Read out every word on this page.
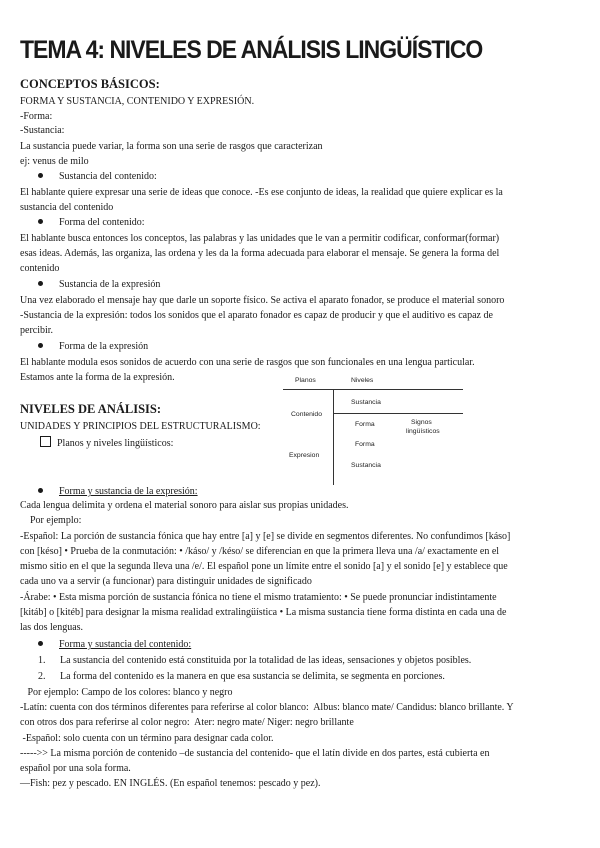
TEMA 4: NIVELES DE ANÁLISIS LINGÜÍSTICO
CONCEPTOS BÁSICOS:

FORMA Y SUSTANCIA, CONTENIDO Y EXPRESIÓN.

-Forma:

-Sustancia:

La sustancia puede variar, la forma son una serie de rasgos que caracterizan

ej: venus de milo

Sustancia del contenido:

El hablante quiere expresar una serie de ideas que conoce. -Es ese conjunto de ideas, la realidad que quiere explicar es la

sustancia del contenido

Forma del contenido:

El hablante busca entonces los conceptos, las palabras y las unidades que le van a permitir codificar, conformar(formar)

esas ideas. Además, las organiza, las ordena y les da la forma adecuada para elaborar el mensaje. Se genera la forma del

contenido

Sustancia de la expresión

Una vez elaborado el mensaje hay que darle un soporte físico. Se activa el aparato fonador, se produce el material sonoro

-Sustancia de la expresión: todos los sonidos que el aparato fonador es capaz de producir y que el auditivo es capaz de

percibir.

Forma de la expresión

El hablante modula esos sonidos de acuerdo con una serie de rasgos que son funcionales en una lengua particular.

Estamos ante la forma de la expresión.

NIVELES DE ANÁLISIS:

UNIDADES Y PRINCIPIOS DEL ESTRUCTURALISMO:

Planos y niveles lingüísticos:
Planos	Niveles
Contenido
Sustancia
Forma	Signos
lingüísticos
Forma
Expresion
Sustancia
Forma y sustancia de la expresión:

Cada lengua delimita y ordena el material sonoro para aislar sus propias unidades.

Por ejemplo:

-Español: La porción de sustancia fónica que hay entre [a] y [e] se divide en segmentos diferentes. No confundimos [káso]

con [késo] • Prueba de la conmutación: • /káso/ y /késo/ se diferencian en que la primera lleva una /a/ exactamente en el

mismo sitio en el que la segunda lleva una /e/. El español pone un límite entre el sonido [a] y el sonido [e] y establece que

cada uno va a servir (a funcionar) para distinguir unidades de significado

-Árabe: • Esta misma porción de sustancia fónica no tiene el mismo tratamiento: • Se puede pronunciar indistintamente

[kitáb] o [kitéb] para designar la misma realidad extralingüística • La misma sustancia tiene forma distinta en cada una de

las dos lenguas.

Forma y sustancia del contenido:
1. La sustancia del contenido está constituida por la totalidad de las ideas, sensaciones y objetos posibles.
2. La forma del contenido es la manera en que esa sustancia se delimita, se segmenta en porciones.

Por ejemplo: Campo de los colores: blanco y negro

-Latín: cuenta con dos términos diferentes para referirse al color blanco:  Albus: blanco mate/ Candidus: blanco brillante. Y

con otros dos para referirse al color negro:  Ater: negro mate/ Niger: negro brillante

-Español: solo cuenta con un término para designar cada color.

----->> La misma porción de contenido –de sustancia del contenido- que el latín divide en dos partes, está cubierta en

español por una sola forma.

—Fish: pez y pescado. EN INGLÉS. (En español tenemos: pescado y pez).
